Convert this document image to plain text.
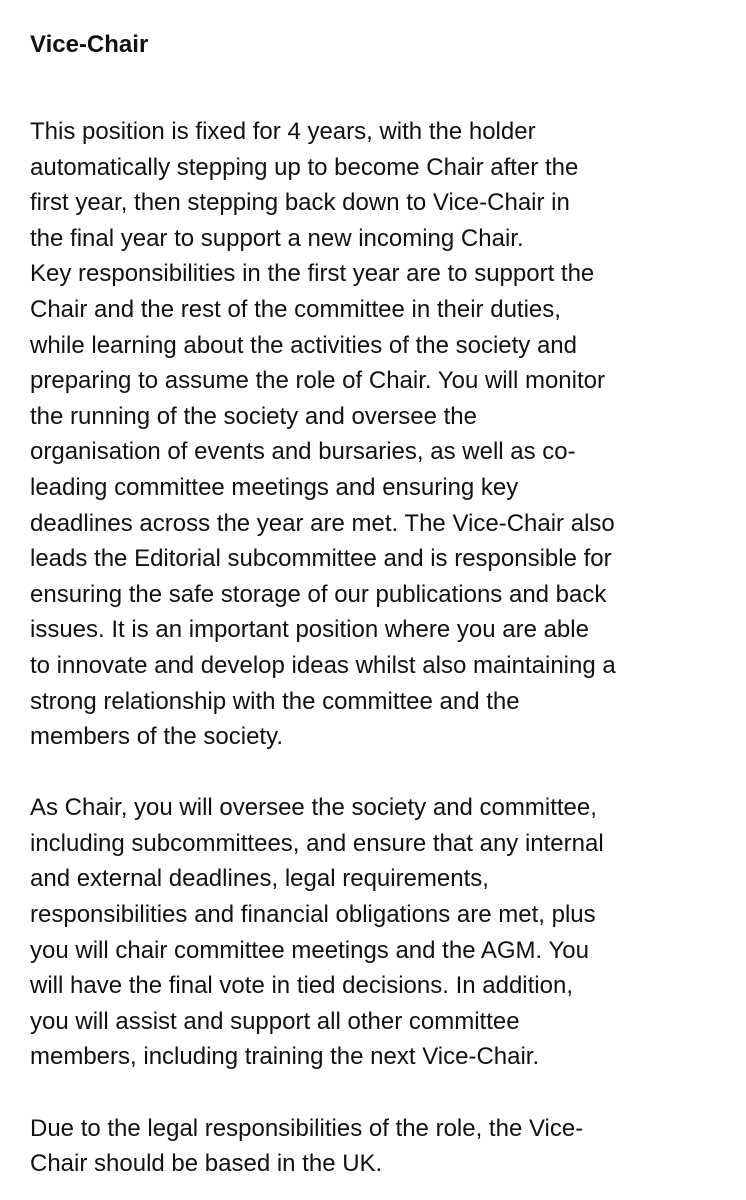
Vice-Chair

This position is fixed for 4 years, with the holder

automatically stepping up to become Chair after the

first year, then stepping back down to Vice-Chair in

the final year to support a new incoming Chair.

Key responsibilities in the first year are to support the

Chair and the rest of the committee in their duties,

while learning about the activities of the society and

preparing to assume the role of Chair. You will monitor

the running of the society and oversee the

organisation of events and bursaries, as well as co-

leading committee meetings and ensuring key

deadlines across the year are met. The Vice-Chair also

leads the Editorial subcommittee and is responsible for

ensuring the safe storage of our publications and back

issues. It is an important position where you are able

to innovate and develop ideas whilst also maintaining a

strong relationship with the committee and the

members of the society.

As Chair, you will oversee the society and committee,

including subcommittees, and ensure that any internal

and external deadlines, legal requirements,

responsibilities and financial obligations are met, plus

you will chair committee meetings and the AGM. You

will have the final vote in tied decisions. In addition,

you will assist and support all other committee

members, including training the next Vice-Chair.

Due to the legal responsibilities of the role, the Vice-

Chair should be based in the UK.
